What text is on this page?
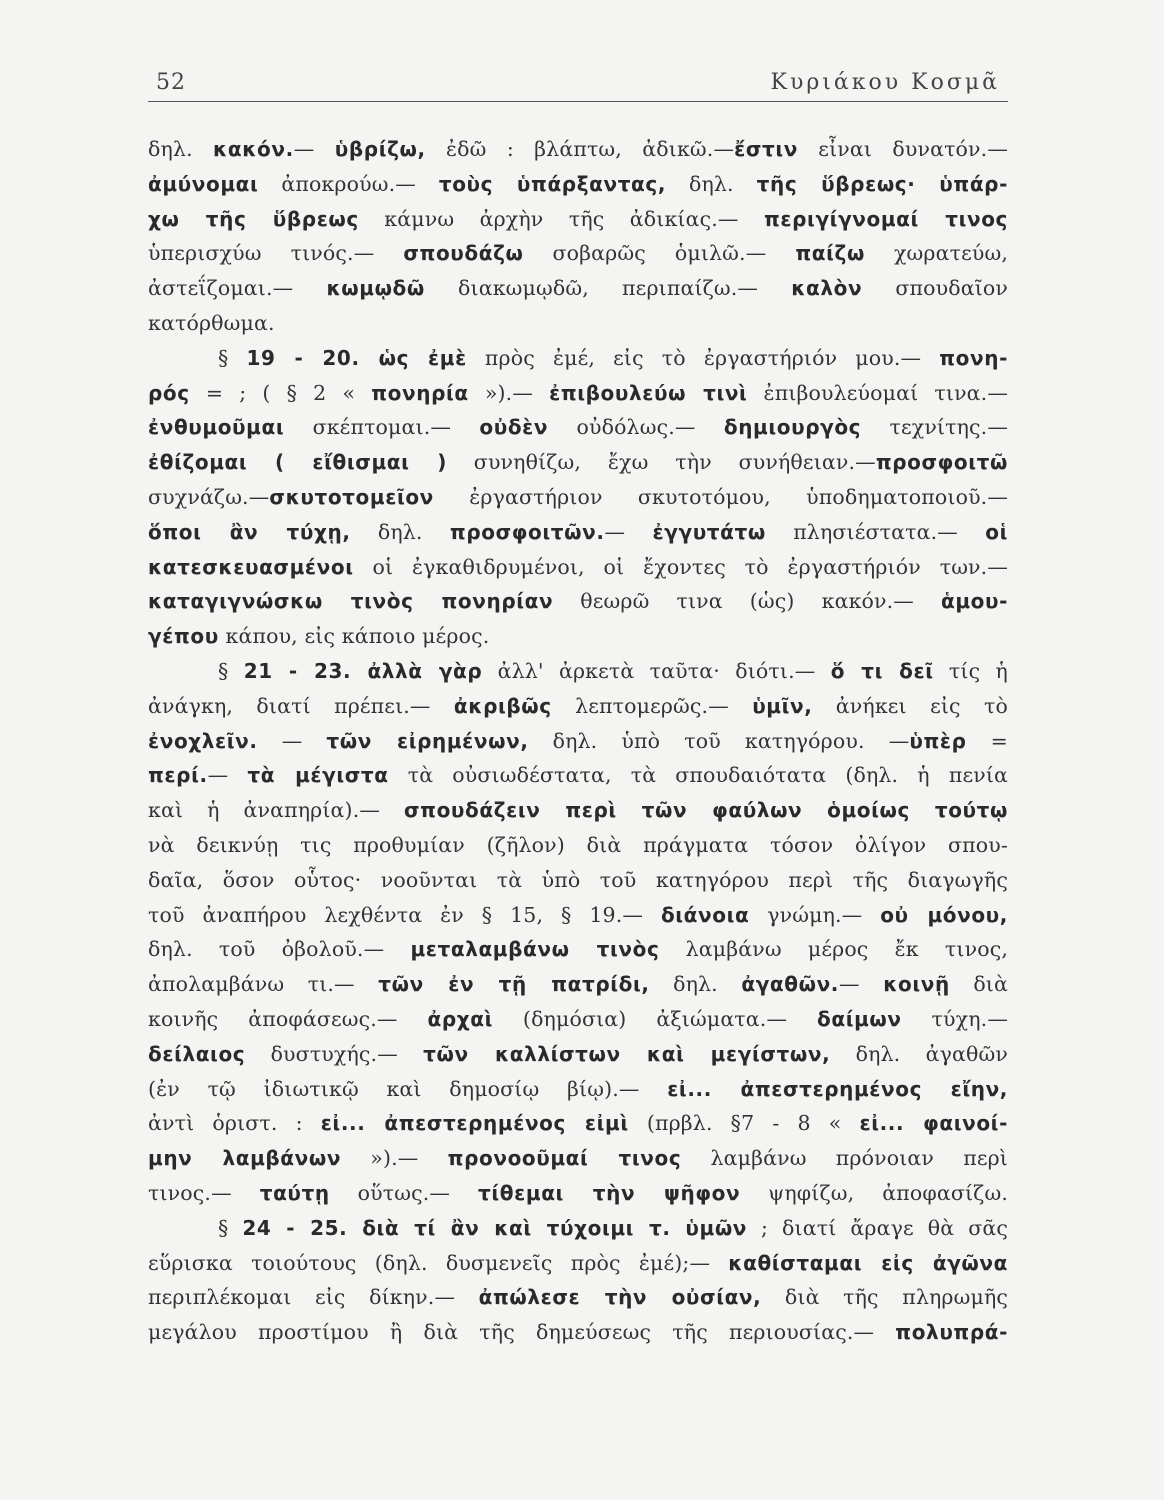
52	Κυριάκου Κοσμᾶ
δηλ. κακόν.— ὑβρίζω, ἐδῶ : βλάπτω, ἀδικῶ.—ἔστιν εἶναι δυνατόν.—
ἀμύνομαι ἀποκρούω.— τοὺς ὑπάρξαντας, δηλ. τῆς ὕβρεως· ὑπάρ-
χω τῆς ὕβρεως κάμνω ἀρχὴν τῆς ἀδικίας.— περιγίγνομαί τινος
ὑπερισχύω τινός.— σπουδάζω σοβαρῶς ὁμιλῶ.— παίζω χωρατεύω,
ἀστεΐζομαι.— κωμῳδῶ διακωμῳδῶ, περιπαίζω.— καλὸν σπουδαῖον
κατόρθωμα.
§ 19 - 20. ὡς ἐμὲ πρὸς ἐμέ, εἰς τὸ ἐργαστήριόν μου.— πονη-
ρός = ; ( § 2 « πονηρία »).— ἐπιβουλεύω τινὶ ἐπιβουλεύομαί τινα.—
ἐνθυμοῦμαι σκέπτομαι.— οὐδὲν οὐδόλως.— δημιουργὸς τεχνίτης.—
ἐθίζομαι ( εἴθισμαι ) συνηθίζω, ἔχω τὴν συνήθειαν.—προσφοιτῶ
συχνάζω.—σκυτοτομεῖον ἐργαστήριον σκυτοτόμου, ὑποδηματοποιοῦ.—
ὅποι ἂν τύχῃ, δηλ. προσφοιτῶν.— ἐγγυτάτω πλησιέστατα.— οἱ
κατεσκευασμένοι οἱ ἐγκαθιδρυμένοι, οἱ ἔχοντες τὸ ἐργαστήριόν των.—
καταγιγνώσκω τινὸς πονηρίαν θεωρῶ τινα (ὡς) κακόν.— ἁμου-
γέπου κάπου, εἰς κάποιο μέρος.
§ 21 - 23. ἀλλὰ γὰρ ἀλλ' ἀρκετὰ ταῦτα· διότι.— ὅ τι δεῖ τίς ἡ
ἀνάγκη, διατί πρέπει.— ἀκριβῶς λεπτομερῶς.— ὑμῖν, ἀνήκει εἰς τὸ
ἐνοχλεῖν. — τῶν εἰρημένων, δηλ. ὑπὸ τοῦ κατηγόρου. —ὑπὲρ =
περί.— τὰ μέγιστα τὰ οὐσιωδέστατα, τὰ σπουδαιότατα (δηλ. ἡ πενία
καὶ ἡ ἀναπηρία).— σπουδάζειν περὶ τῶν φαύλων ὁμοίως τούτῳ
νὰ δεικνύῃ τις προθυμίαν (ζῆλον) διὰ πράγματα τόσον ὀλίγον σπου-
δαῖα, ὅσον οὗτος· νοοῦνται τὰ ὑπὸ τοῦ κατηγόρου περὶ τῆς διαγωγῆς
τοῦ ἀναπήρου λεχθέντα ἐν § 15, § 19.— διάνοια γνώμη.— οὐ μόνου,
δηλ. τοῦ ὀβολοῦ.— μεταλαμβάνω τινὸς λαμβάνω μέρος ἔκ τινος,
ἀπολαμβάνω τι.— τῶν ἐν τῇ πατρίδι, δηλ. ἀγαθῶν.— κοινῇ διὰ
κοινῆς ἀποφάσεως.— ἀρχαὶ (δημόσια) ἀξιώματα.— δαίμων τύχη.—
δείλαιος δυστυχής.— τῶν καλλίστων καὶ μεγίστων, δηλ. ἀγαθῶν
(ἐν τῷ ἰδιωτικῷ καὶ δημοσίῳ βίῳ).— εἰ... ἀπεστερημένος εἴην,
ἀντὶ ὁριστ. : εἰ... ἀπεστερημένος εἰμὶ (πρβλ. §7 - 8 « εἰ... φαινοί-
μην λαμβάνων »).— προνοοῦμαί τινος λαμβάνω πρόνοιαν περὶ
τινος.— ταύτῃ οὕτως.— τίθεμαι τὴν ψῆφον ψηφίζω, ἀποφασίζω.
§ 24 - 25. διὰ τί ἂν καὶ τύχοιμι τ. ὑμῶν ; διατί ἄραγε θὰ σᾶς
εὕρισκα τοιούτους (δηλ. δυσμενεῖς πρὸς ἐμέ);— καθίσταμαι εἰς ἀγῶνα
περιπλέκομαι εἰς δίκην.— ἀπώλεσε τὴν οὐσίαν, διὰ τῆς πληρωμῆς
μεγάλου προστίμου ἢ διὰ τῆς δημεύσεως τῆς περιουσίας.— πολυπρά-
